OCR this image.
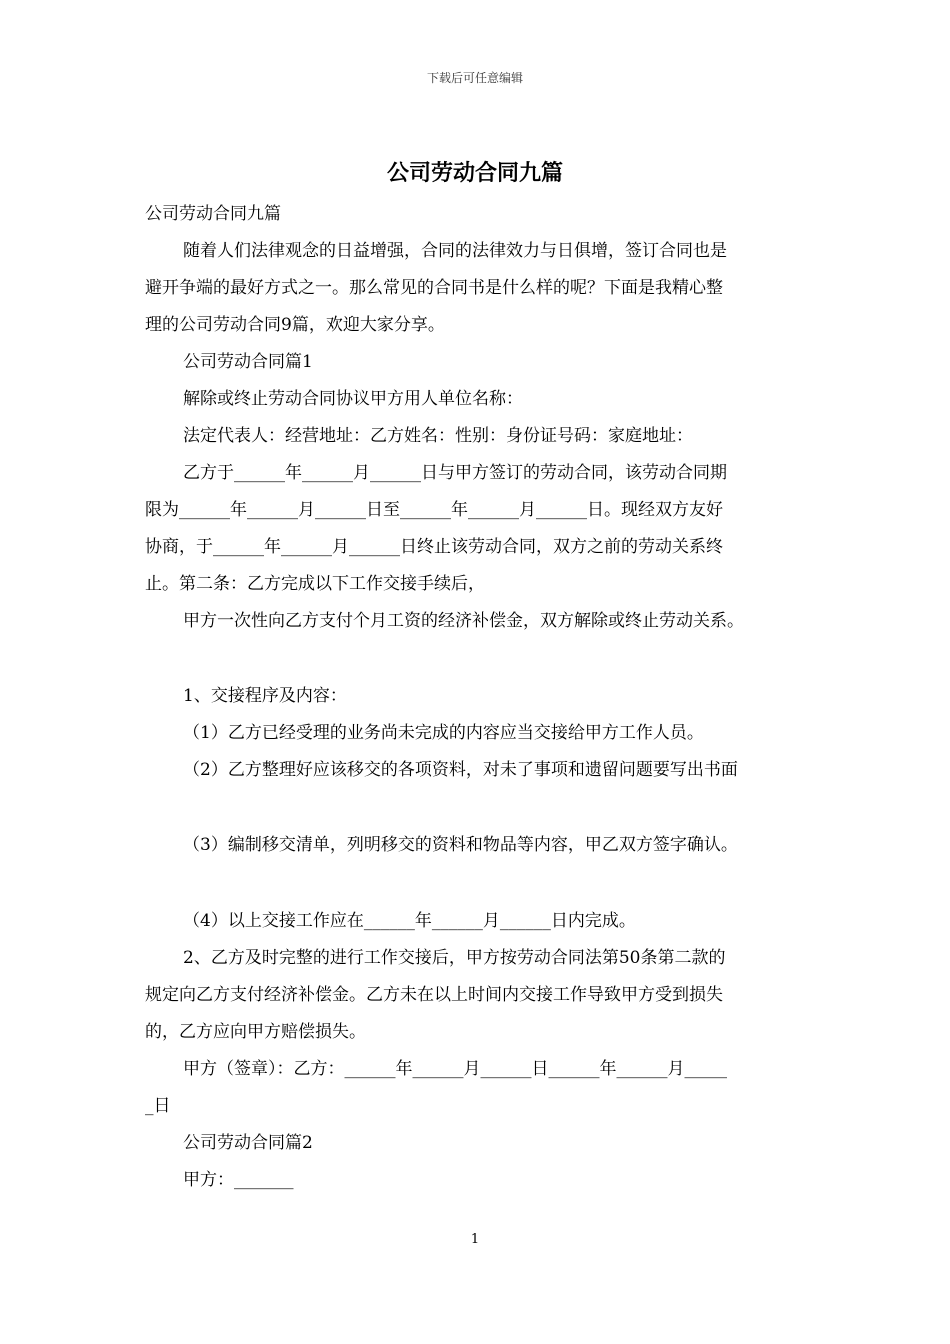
下载后可任意编辑
公司劳动合同九篇

公司劳动合同九篇

随着人们法律观念的日益增强，合同的法律效力与日俱增，签订合同也是

避开争端的最好方式之一。那么常见的合同书是什么样的呢？下面是我精心整

理的公司劳动合同9篇，欢迎大家分享。

公司劳动合同篇1

解除或终止劳动合同协议甲方用人单位名称：

法定代表人：经营地址：乙方姓名：性别：身份证号码：家庭地址：

乙方于______年______月______日与甲方签订的劳动合同，该劳动合同期

限为______年______月______日至______年______月______日。现经双方友好

协商，于______年______月______日终止该劳动合同，双方之前的劳动关系终

止。第二条：乙方完成以下工作交接手续后，

甲方一次性向乙方支付个月工资的经济补偿金，双方解除或终止劳动关系。

1、交接程序及内容：

（1）乙方已经受理的业务尚未完成的内容应当交接给甲方工作人员。

（2）乙方整理好应该移交的各项资料，对未了事项和遗留问题要写出书面

（3）编制移交清单，列明移交的资料和物品等内容，甲乙双方签字确认。

（4）以上交接工作应在______年______月______日内完成。

2、乙方及时完整的进行工作交接后，甲方按劳动合同法第50条第二款的

规定向乙方支付经济补偿金。乙方未在以上时间内交接工作导致甲方受到损失

的，乙方应向甲方赔偿损失。

甲方（签章）：乙方：______年______月______日______年______月_____

_日

公司劳动合同篇2

甲方：_______

1
